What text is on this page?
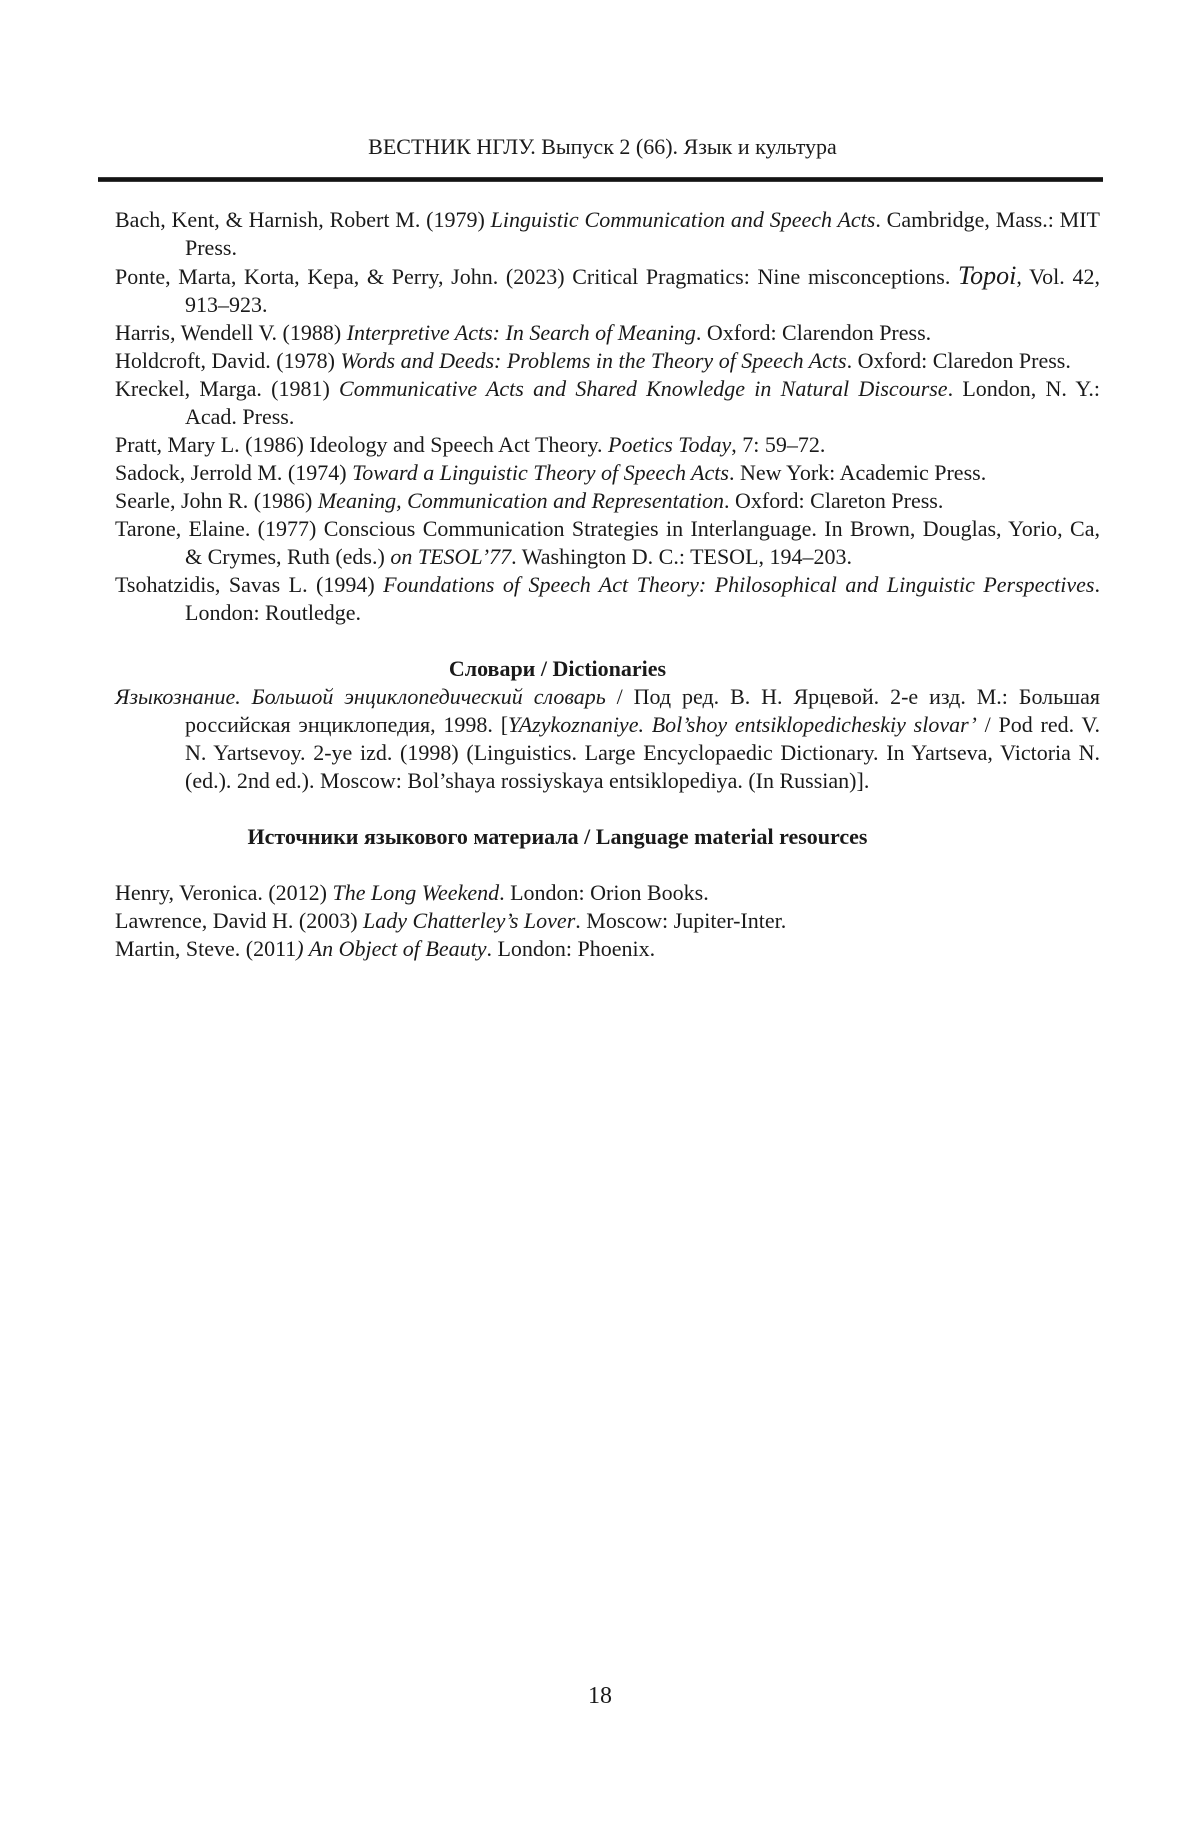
ВЕСТНИК НГЛУ. Выпуск 2 (66). Язык и культура
Bach, Kent, & Harnish, Robert M. (1979) Linguistic Communication and Speech Acts. Cambridge, Mass.: MIT Press.
Ponte, Marta, Korta, Kepa, & Perry, John. (2023) Critical Pragmatics: Nine misconceptions. Topoi, Vol. 42, 913–923.
Harris, Wendell V. (1988) Interpretive Acts: In Search of Meaning. Oxford: Clarendon Press.
Holdcroft, David. (1978) Words and Deeds: Problems in the Theory of Speech Acts. Oxford: Claredon Press.
Kreckel, Marga. (1981) Communicative Acts and Shared Knowledge in Natural Discourse. London, N. Y.: Acad. Press.
Pratt, Mary L. (1986) Ideology and Speech Act Theory. Poetics Today, 7: 59–72.
Sadock, Jerrold M. (1974) Toward a Linguistic Theory of Speech Acts. New York: Academic Press.
Searle, John R. (1986) Meaning, Communication and Representation. Oxford: Clareton Press.
Tarone, Elaine. (1977) Conscious Communication Strategies in Interlanguage. In Brown, Douglas, Yorio, Ca, & Crymes, Ruth (eds.) on TESOL’77. Washington D. C.: TESOL, 194–203.
Tsohatzidis, Savas L. (1994) Foundations of Speech Act Theory: Philosophical and Linguistic Perspectives. London: Routledge.
Словари / Dictionaries
Языкознание. Большой энциклопедический словарь / Под ред. В. Н. Ярцевой. 2-е изд. М.: Большая российская энциклопедия, 1998. [YAzykoznaniye. Bol’shoy entsiklopedicheskiy slovar’ / Pod red. V. N. Yartsevoy. 2-ye izd. (1998) (Linguistics. Large Encyclopaedic Dictionary. In Yartseva, Victoria N. (ed.). 2nd ed.). Moscow: Bol’shaya rossiyskaya entsiklopediya. (In Russian)].
Источники языкового материала / Language material resources
Henry, Veronica. (2012) The Long Weekend. London: Orion Books.
Lawrence, David H. (2003) Lady Chatterley’s Lover. Moscow: Jupiter-Inter.
Martin, Steve. (2011) An Object of Beauty. London: Phoenix.
18
